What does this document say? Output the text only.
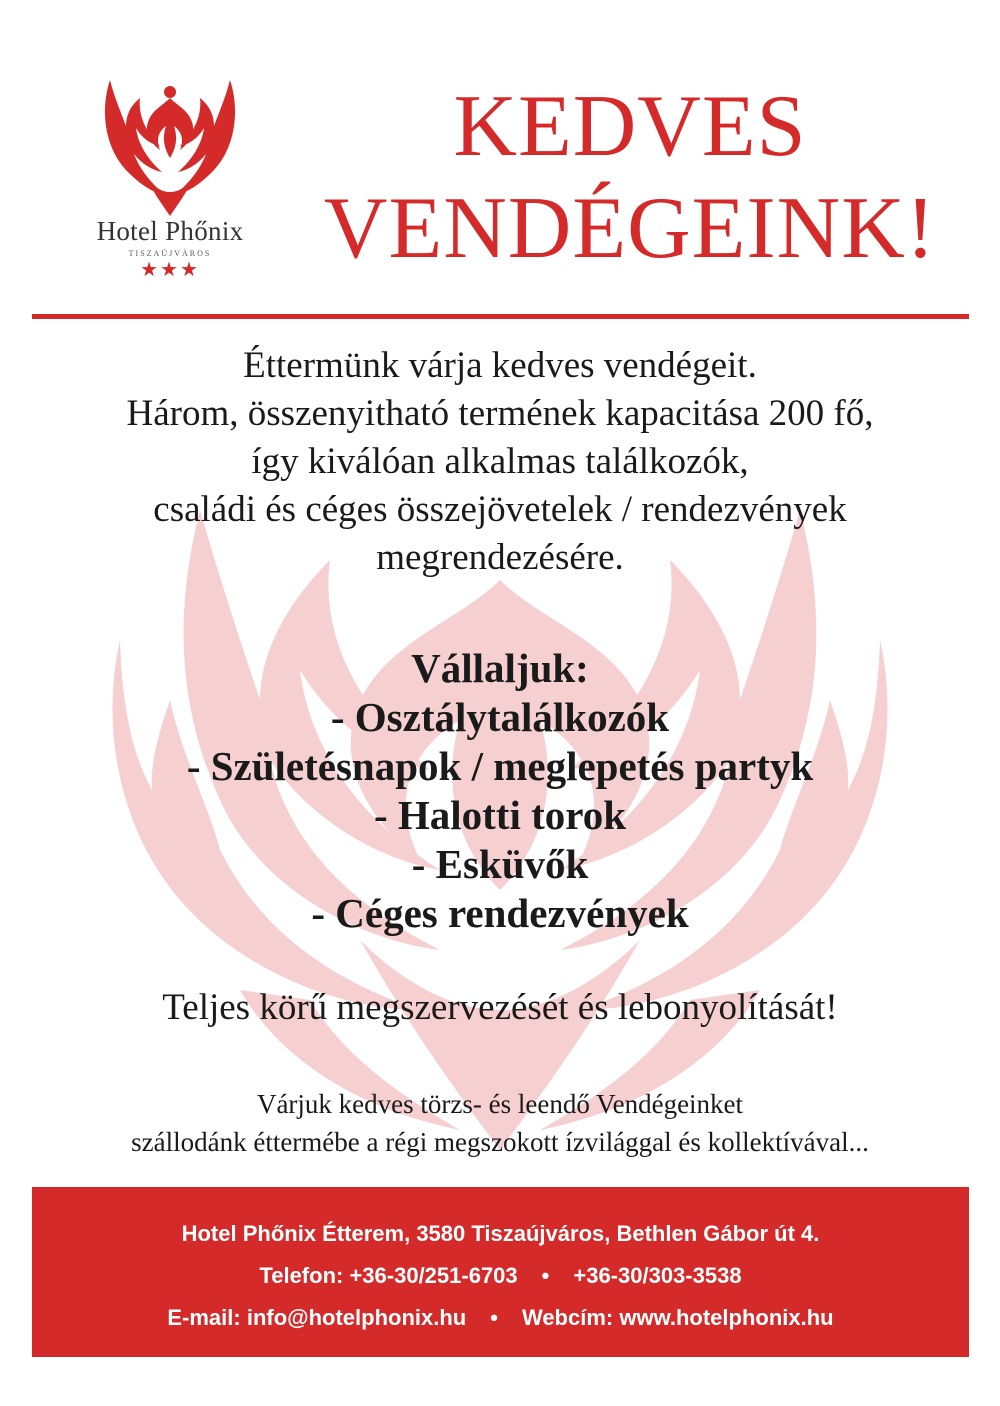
Hotel Phőnix
TISZAÚJVÁROS
★★★
KEDVES
VENDÉGEINK!
Éttermünk várja kedves vendégeit.
Három, összenyitható termének kapacitása 200 fő,
így kiválóan alkalmas találkozók,
családi és céges összejövetelek / rendezvények
megrendezésére.
Vállaljuk:
- Osztálytalálkozók
- Születésnapok / meglepetés partyk
- Halotti torok
- Esküvők
- Céges rendezvények
Teljes körű megszervezését és lebonyolítását!
Várjuk kedves törzs- és leendő Vendégeinket
szállodánk éttermébe a régi megszokott ízvilággal és kollektívával...
Hotel Phőnix Étterem, 3580 Tiszaújváros, Bethlen Gábor út 4.
Telefon: +36-30/251-6703 • +36-30/303-3538
E-mail: info@hotelphonix.hu • Webcím: www.hotelphonix.hu
